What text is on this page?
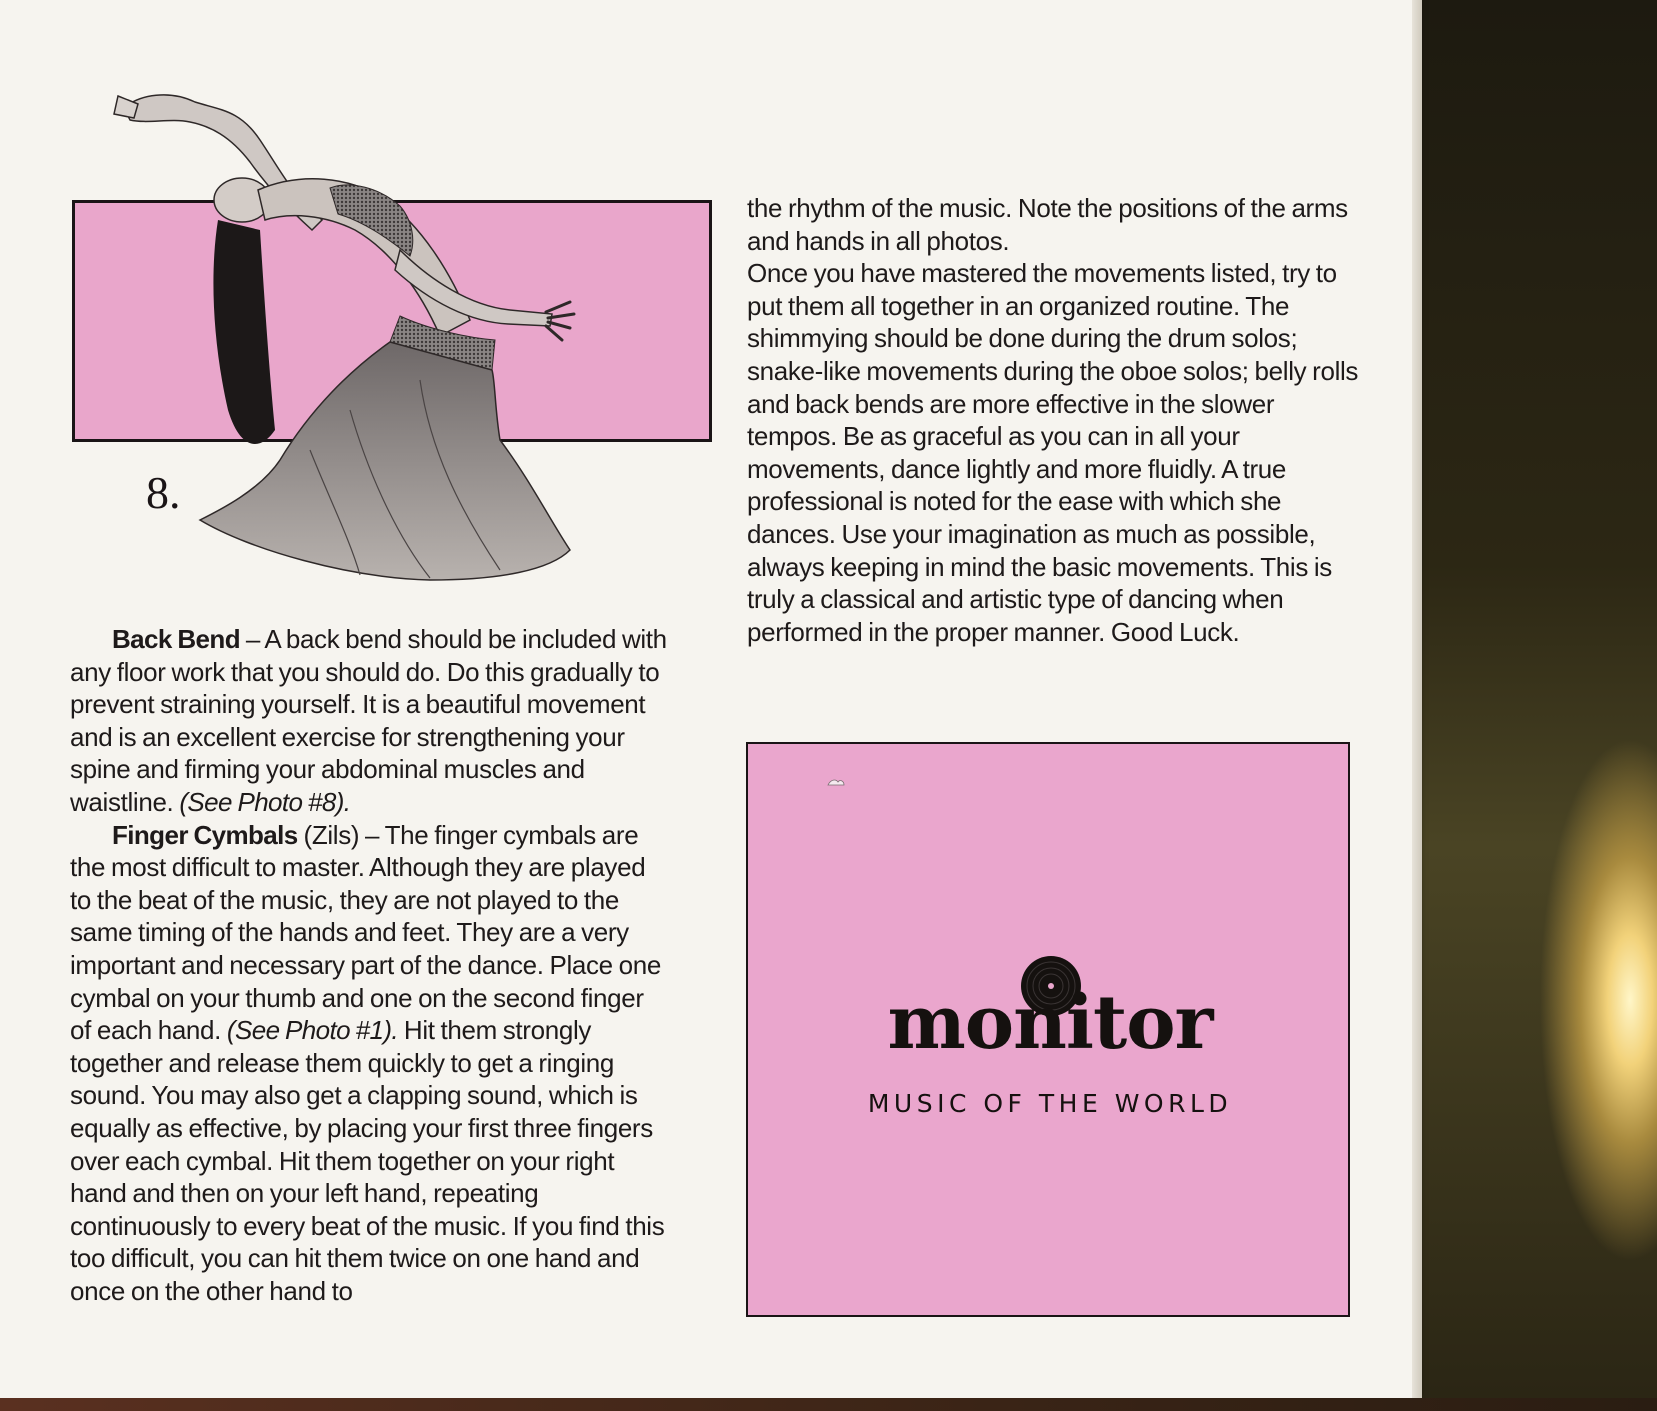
8.

Back Bend – A back bend should be included with any floor work that you should do. Do this gradually to prevent straining yourself. It is a beautiful movement and is an excellent exercise for strengthening your spine and firming your abdominal muscles and waistline. (See Photo #8).

Finger Cymbals (Zils) – The finger cymbals are the most difficult to master. Although they are played to the beat of the music, they are not played to the same timing of the hands and feet. They are a very important and necessary part of the dance. Place one cymbal on your thumb and one on the second finger of each hand. (See Photo #1). Hit them strongly together and release them quickly to get a ringing sound. You may also get a clapping sound, which is equally as effective, by placing your first three fingers over each cymbal. Hit them together on your right hand and then on your left hand, repeating continuously to every beat of the music. If you find this too difficult, you can hit them twice on one hand and once on the other hand to

the rhythm of the music. Note the positions of the arms and hands in all photos.

Once you have mastered the movements listed, try to put them all together in an organized routine. The shimmying should be done during the drum solos; snake-like movements during the oboe solos; belly rolls and back bends are more effective in the slower tempos. Be as graceful as you can in all your movements, dance lightly and more fluidly. A true professional is noted for the ease with which she dances. Use your imagination as much as possible, always keeping in mind the basic movements. This is truly a classical and artistic type of dancing when performed in the proper manner. Good Luck.

monitor
MUSIC OF THE WORLD
